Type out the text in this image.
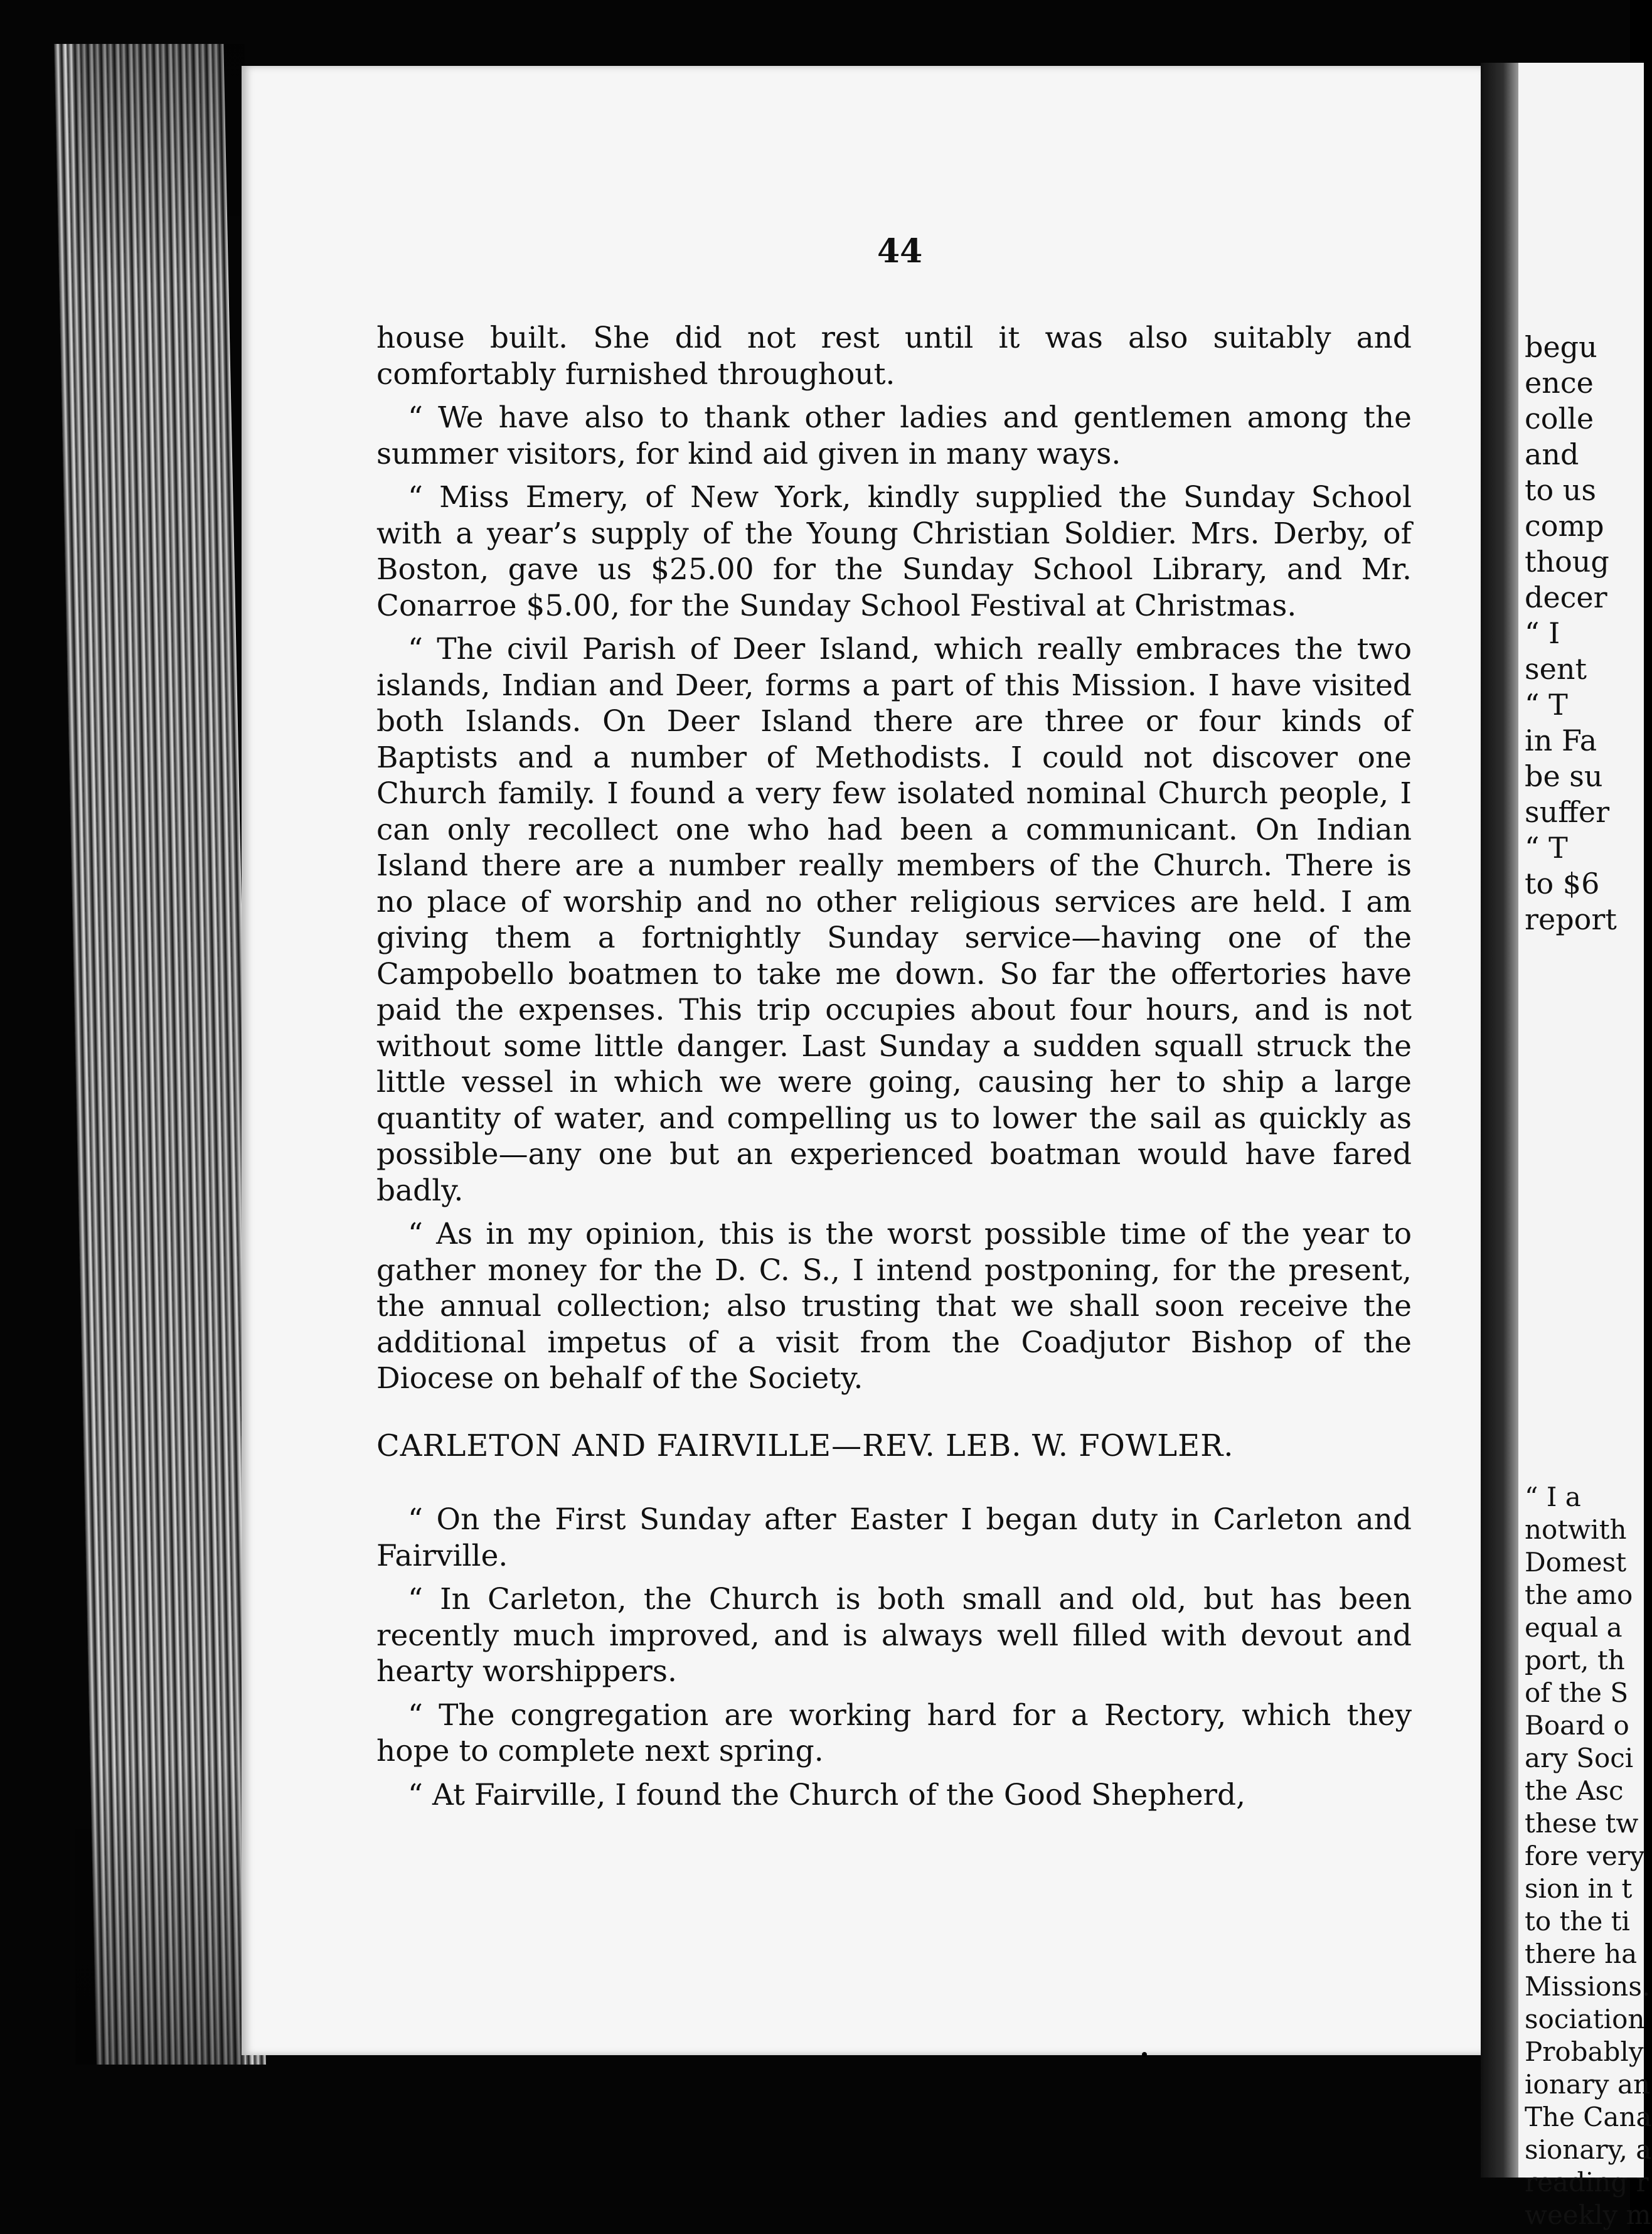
44

house built. She did not rest until it was also suitably and comfortably furnished throughout.

“ We have also to thank other ladies and gentlemen among the summer visitors, for kind aid given in many ways.

“ Miss Emery, of New York, kindly supplied the Sunday School with a year’s supply of the Young Christian Soldier. Mrs. Derby, of Boston, gave us $25.00 for the Sunday School Library, and Mr. Conarroe $5.00, for the Sunday School Festival at Christmas.

“ The civil Parish of Deer Island, which really embraces the two islands, Indian and Deer, forms a part of this Mission. I have visited both Islands. On Deer Island there are three or four kinds of Baptists and a number of Methodists. I could not discover one Church family. I found a very few isolated nominal Church people, I can only recollect one who had been a communicant. On Indian Island there are a number really members of the Church. There is no place of worship and no other religious services are held. I am giving them a fortnightly Sunday service—having one of the Campobello boatmen to take me down. So far the offertories have paid the expenses. This trip occupies about four hours, and is not without some little danger. Last Sunday a sudden squall struck the little vessel in which we were going, causing her to ship a large quantity of water, and compelling us to lower the sail as quickly as possible—any one but an experienced boatman would have fared badly.

“ As in my opinion, this is the worst possible time of the year to gather money for the D. C. S., I intend postponing, for the present, the annual collection; also trusting that we shall soon receive the additional impetus of a visit from the Coadjutor Bishop of the Diocese on behalf of the Society.

CARLETON AND FAIRVILLE—REV. LEB. W. FOWLER.

“ On the First Sunday after Easter I began duty in Carleton and Fairville.

“ In Carleton, the Church is both small and old, but has been recently much improved, and is always well filled with devout and hearty worshippers.

“ The congregation are working hard for a Rectory, which they hope to complete next spring.

“ At Fairville, I found the Church of the Good Shepherd,

begu
ence
colle
and
to us
comp
thoug
decer
“ I
sent
“ T
in Fa
be su
suffer
“ T
to $6
report
“ I a
notwith
Domest
the amo
equal a
port, th
of the S
Board o
ary Soci
the Asc
these tw
fore very
sion in t
to the ti
there ha
Missions.
sociation
Probably
ionary an
The Cana
sionary, a
reading r
weekly m
